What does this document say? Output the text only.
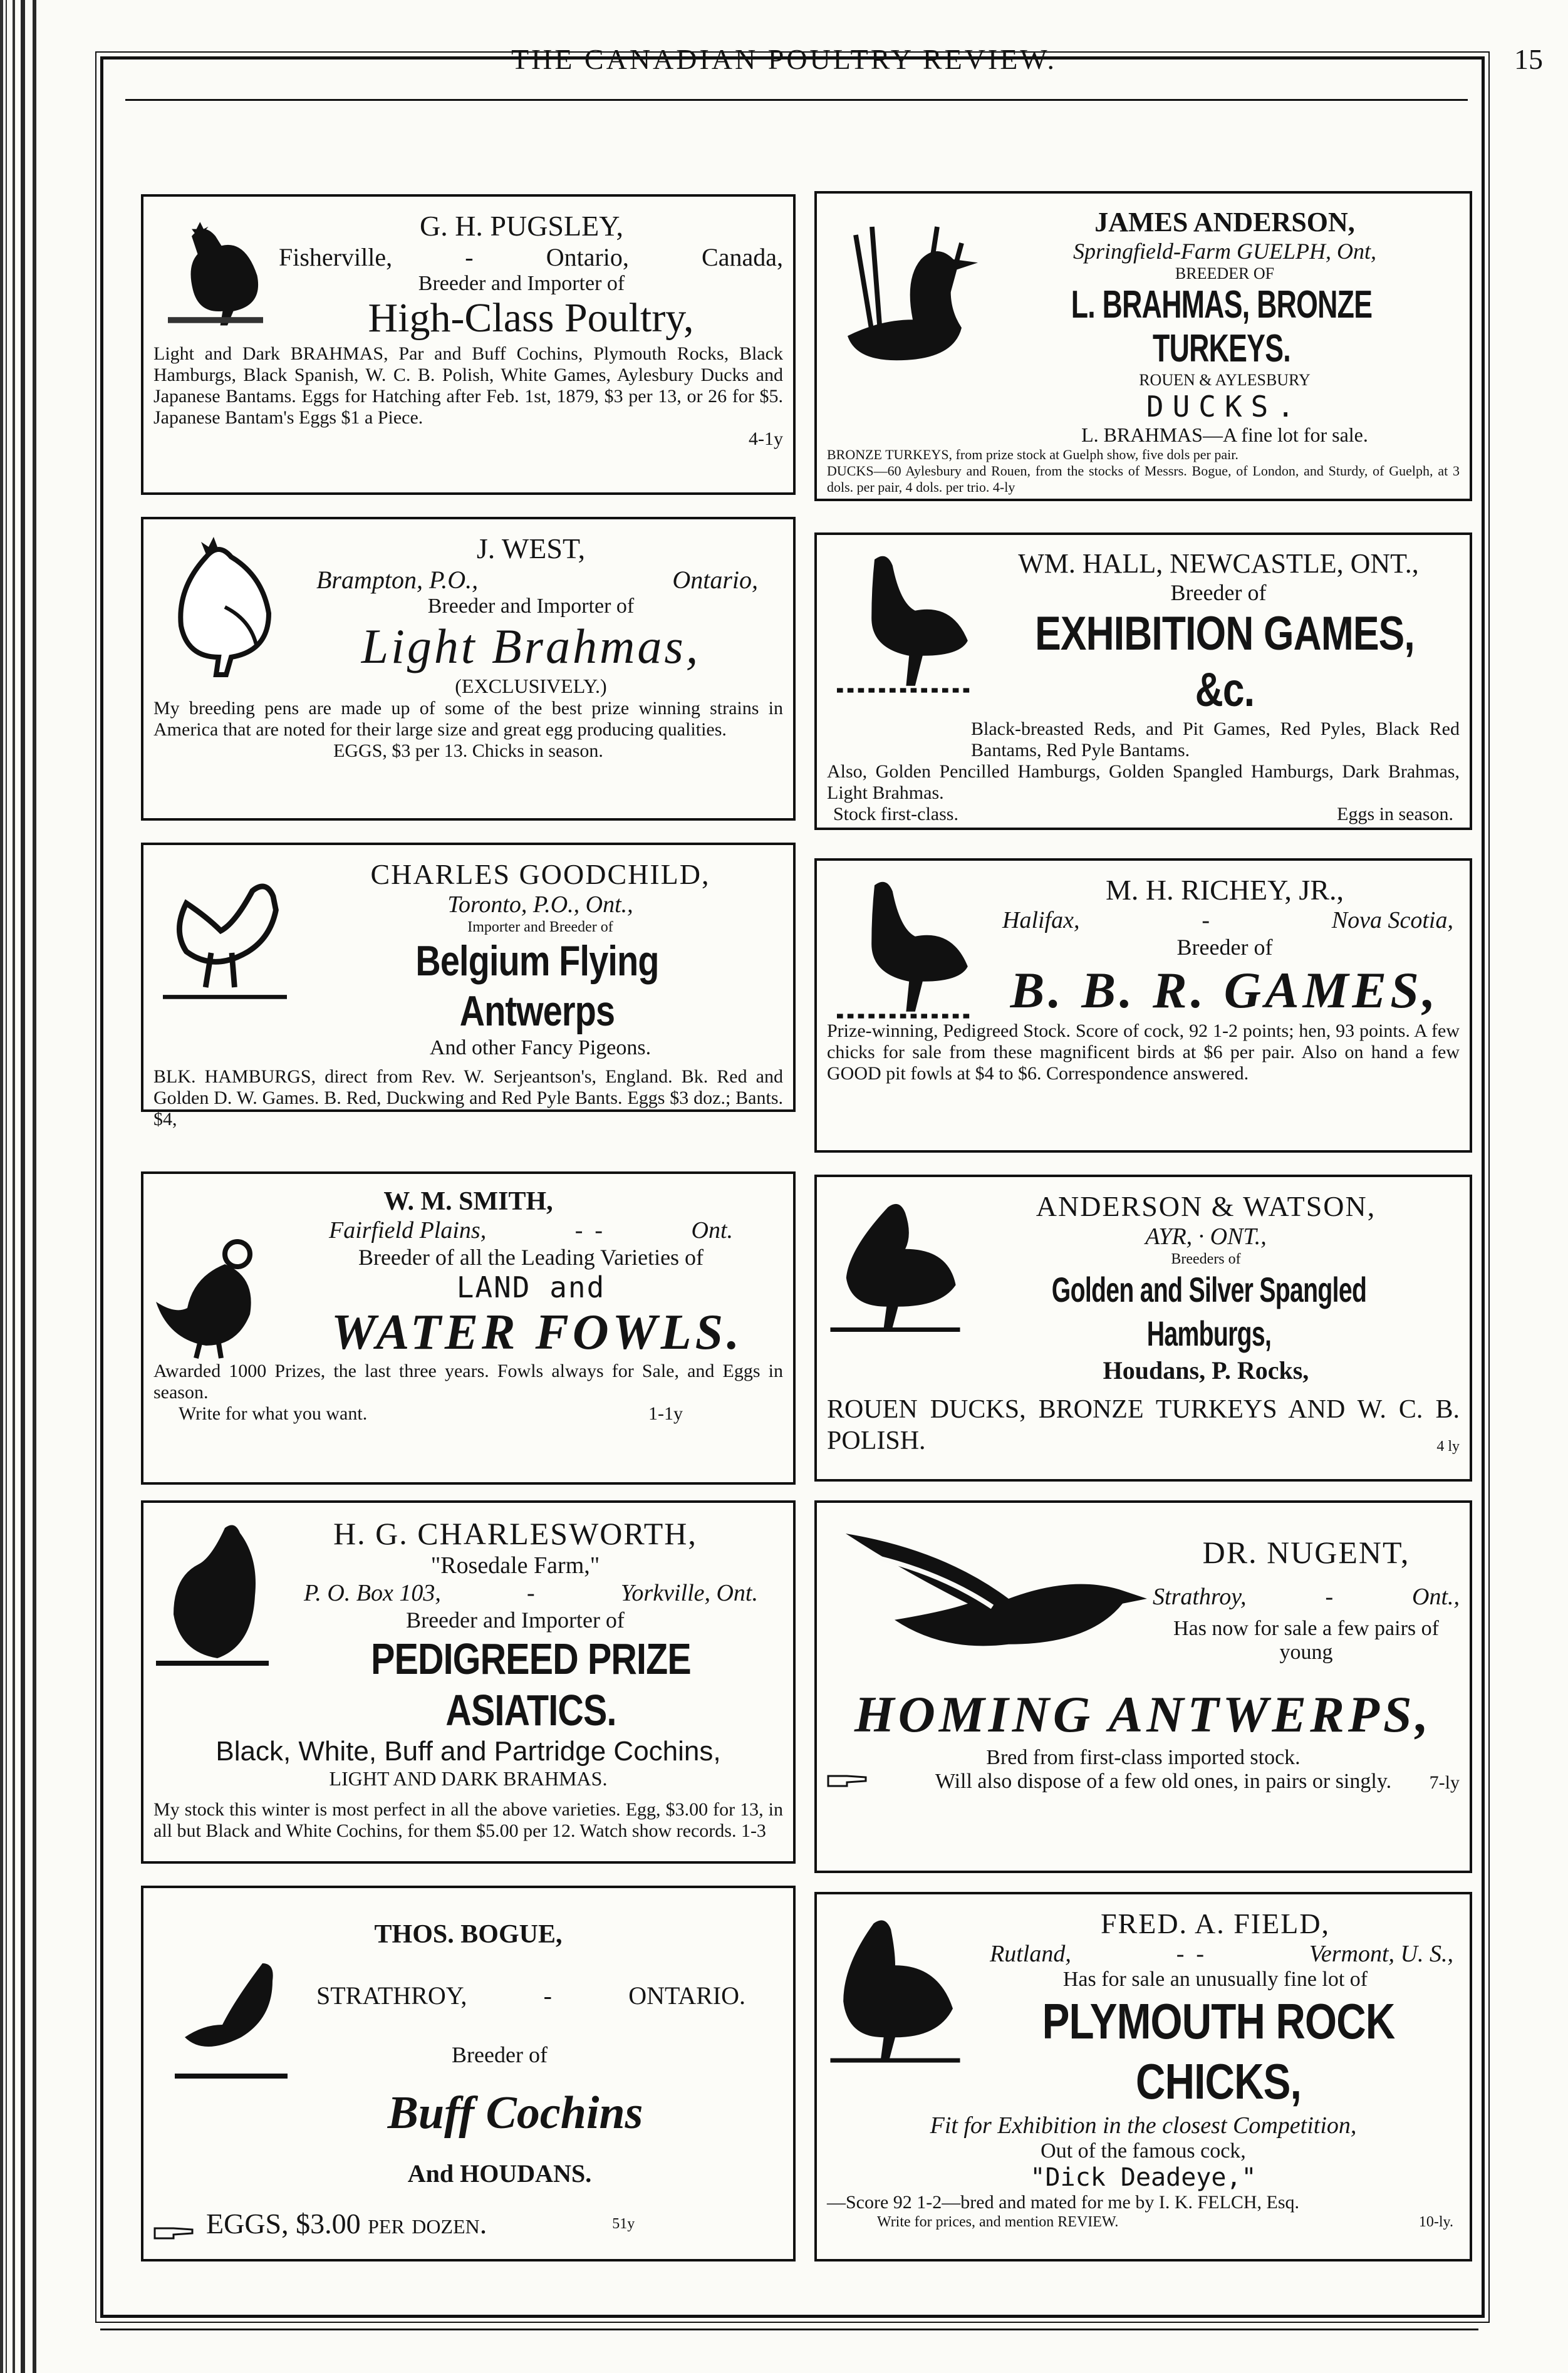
THE CANADIAN POULTRY REVIEW.	15
G. H. PUGSLEY,
Fisherville,	-	Ontario,	Canada,
Breeder and Importer of
High-Class Poultry,
Light and Dark BRAHMAS, Par and Buff Cochins, Plymouth Rocks, Black Hamburgs, Black Spanish, W. C. B. Polish, White Games, Aylesbury Ducks and Japanese Bantams. Eggs for Hatching after Feb. 1st, 1879, $3 per 13, or 26 for $5. Japanese Bantam's Eggs $1 a Piece.
4-1y
J. WEST,
Brampton, P.O.,	Ontario,
Breeder and Importer of
Light Brahmas,
(EXCLUSIVELY.)
My breeding pens are made up of some of the best prize winning strains in America that are noted for their large size and great egg producing qualities.
EGGS, $3 per 13. Chicks in season.
CHARLES GOODCHILD,
Toronto, P.O., Ont.,
Importer and Breeder of
Belgium Flying Antwerps
And other Fancy Pigeons.
BLK. HAMBURGS, direct from Rev. W. Serjeantson's, England. Bk. Red and Golden D. W. Games. B. Red, Duckwing and Red Pyle Bants. Eggs $3 doz.; Bants. $4,
W. M. SMITH,
Fairfield Plains,	-  -	Ont.
Breeder of all the Leading Varieties of
LAND and
WATER FOWLS.
Awarded 1000 Prizes, the last three years. Fowls always for Sale, and Eggs in season.
Write for what you want.	1-1y
H. G. CHARLESWORTH,
"Rosedale Farm,"
P. O. Box 103,	-	Yorkville, Ont.
Breeder and Importer of
PEDIGREED PRIZE ASIATICS.
Black, White, Buff and Partridge Cochins,
LIGHT AND DARK BRAHMAS.
My stock this winter is most perfect in all the above varieties. Egg, $3.00 for 13, in all but Black and White Cochins, for them $5.00 per 12. Watch show records. 1-3
THOS. BOGUE,
STRATHROY,	-	ONTARIO.
Breeder of
Buff Cochins
And HOUDANS.
EGGS, $3.00 per dozen.	51y
JAMES ANDERSON,
Springfield-Farm GUELPH, Ont,
BREEDER OF
L. BRAHMAS, BRONZE TURKEYS.
ROUEN & AYLESBURY
DUCKS.
L. BRAHMAS—A fine lot for sale.
BRONZE TURKEYS, from prize stock at Guelph show, five dols per pair.
DUCKS—60 Aylesbury and Rouen, from the stocks of Messrs. Bogue, of London, and Sturdy, of Guelph, at 3 dols. per pair, 4 dols. per trio. 4-ly
WM. HALL, NEWCASTLE, ONT.,
Breeder of
EXHIBITION GAMES, &c.
Black-breasted Reds, and Pit Games, Red Pyles, Black Red Bantams, Red Pyle Bantams.
Also, Golden Pencilled Hamburgs, Golden Spangled Hamburgs, Dark Brahmas, Light Brahmas.
Stock first-class.	Eggs in season.
M. H. RICHEY, JR.,
Halifax,	-	Nova Scotia,
Breeder of
B. B. R. GAMES,
Prize-winning, Pedigreed Stock. Score of cock, 92 1-2 points; hen, 93 points. A few chicks for sale from these magnificent birds at $6 per pair. Also on hand a few GOOD pit fowls at $4 to $6. Correspondence answered.
ANDERSON & WATSON,
AYR, · ONT.,
Breeders of
Golden and Silver Spangled Hamburgs,
Houdans, P. Rocks,
ROUEN DUCKS, BRONZE TURKEYS AND W. C. B. POLISH.	4 ly
DR. NUGENT,
Strathroy,	-	Ont.,
Has now for sale a few pairs of young
HOMING ANTWERPS,
Bred from first-class imported stock.
Will also dispose of a few old ones, in pairs or singly.	7-ly
FRED. A. FIELD,
Rutland,	-  -	Vermont, U. S.,
Has for sale an unusually fine lot of
PLYMOUTH ROCK CHICKS,
Fit for Exhibition in the closest Competition,
Out of the famous cock,
"Dick Deadeye,"
—Score 92 1-2—bred and mated for me by I. K. FELCH, Esq.
Write for prices, and mention REVIEW.	10-ly.
